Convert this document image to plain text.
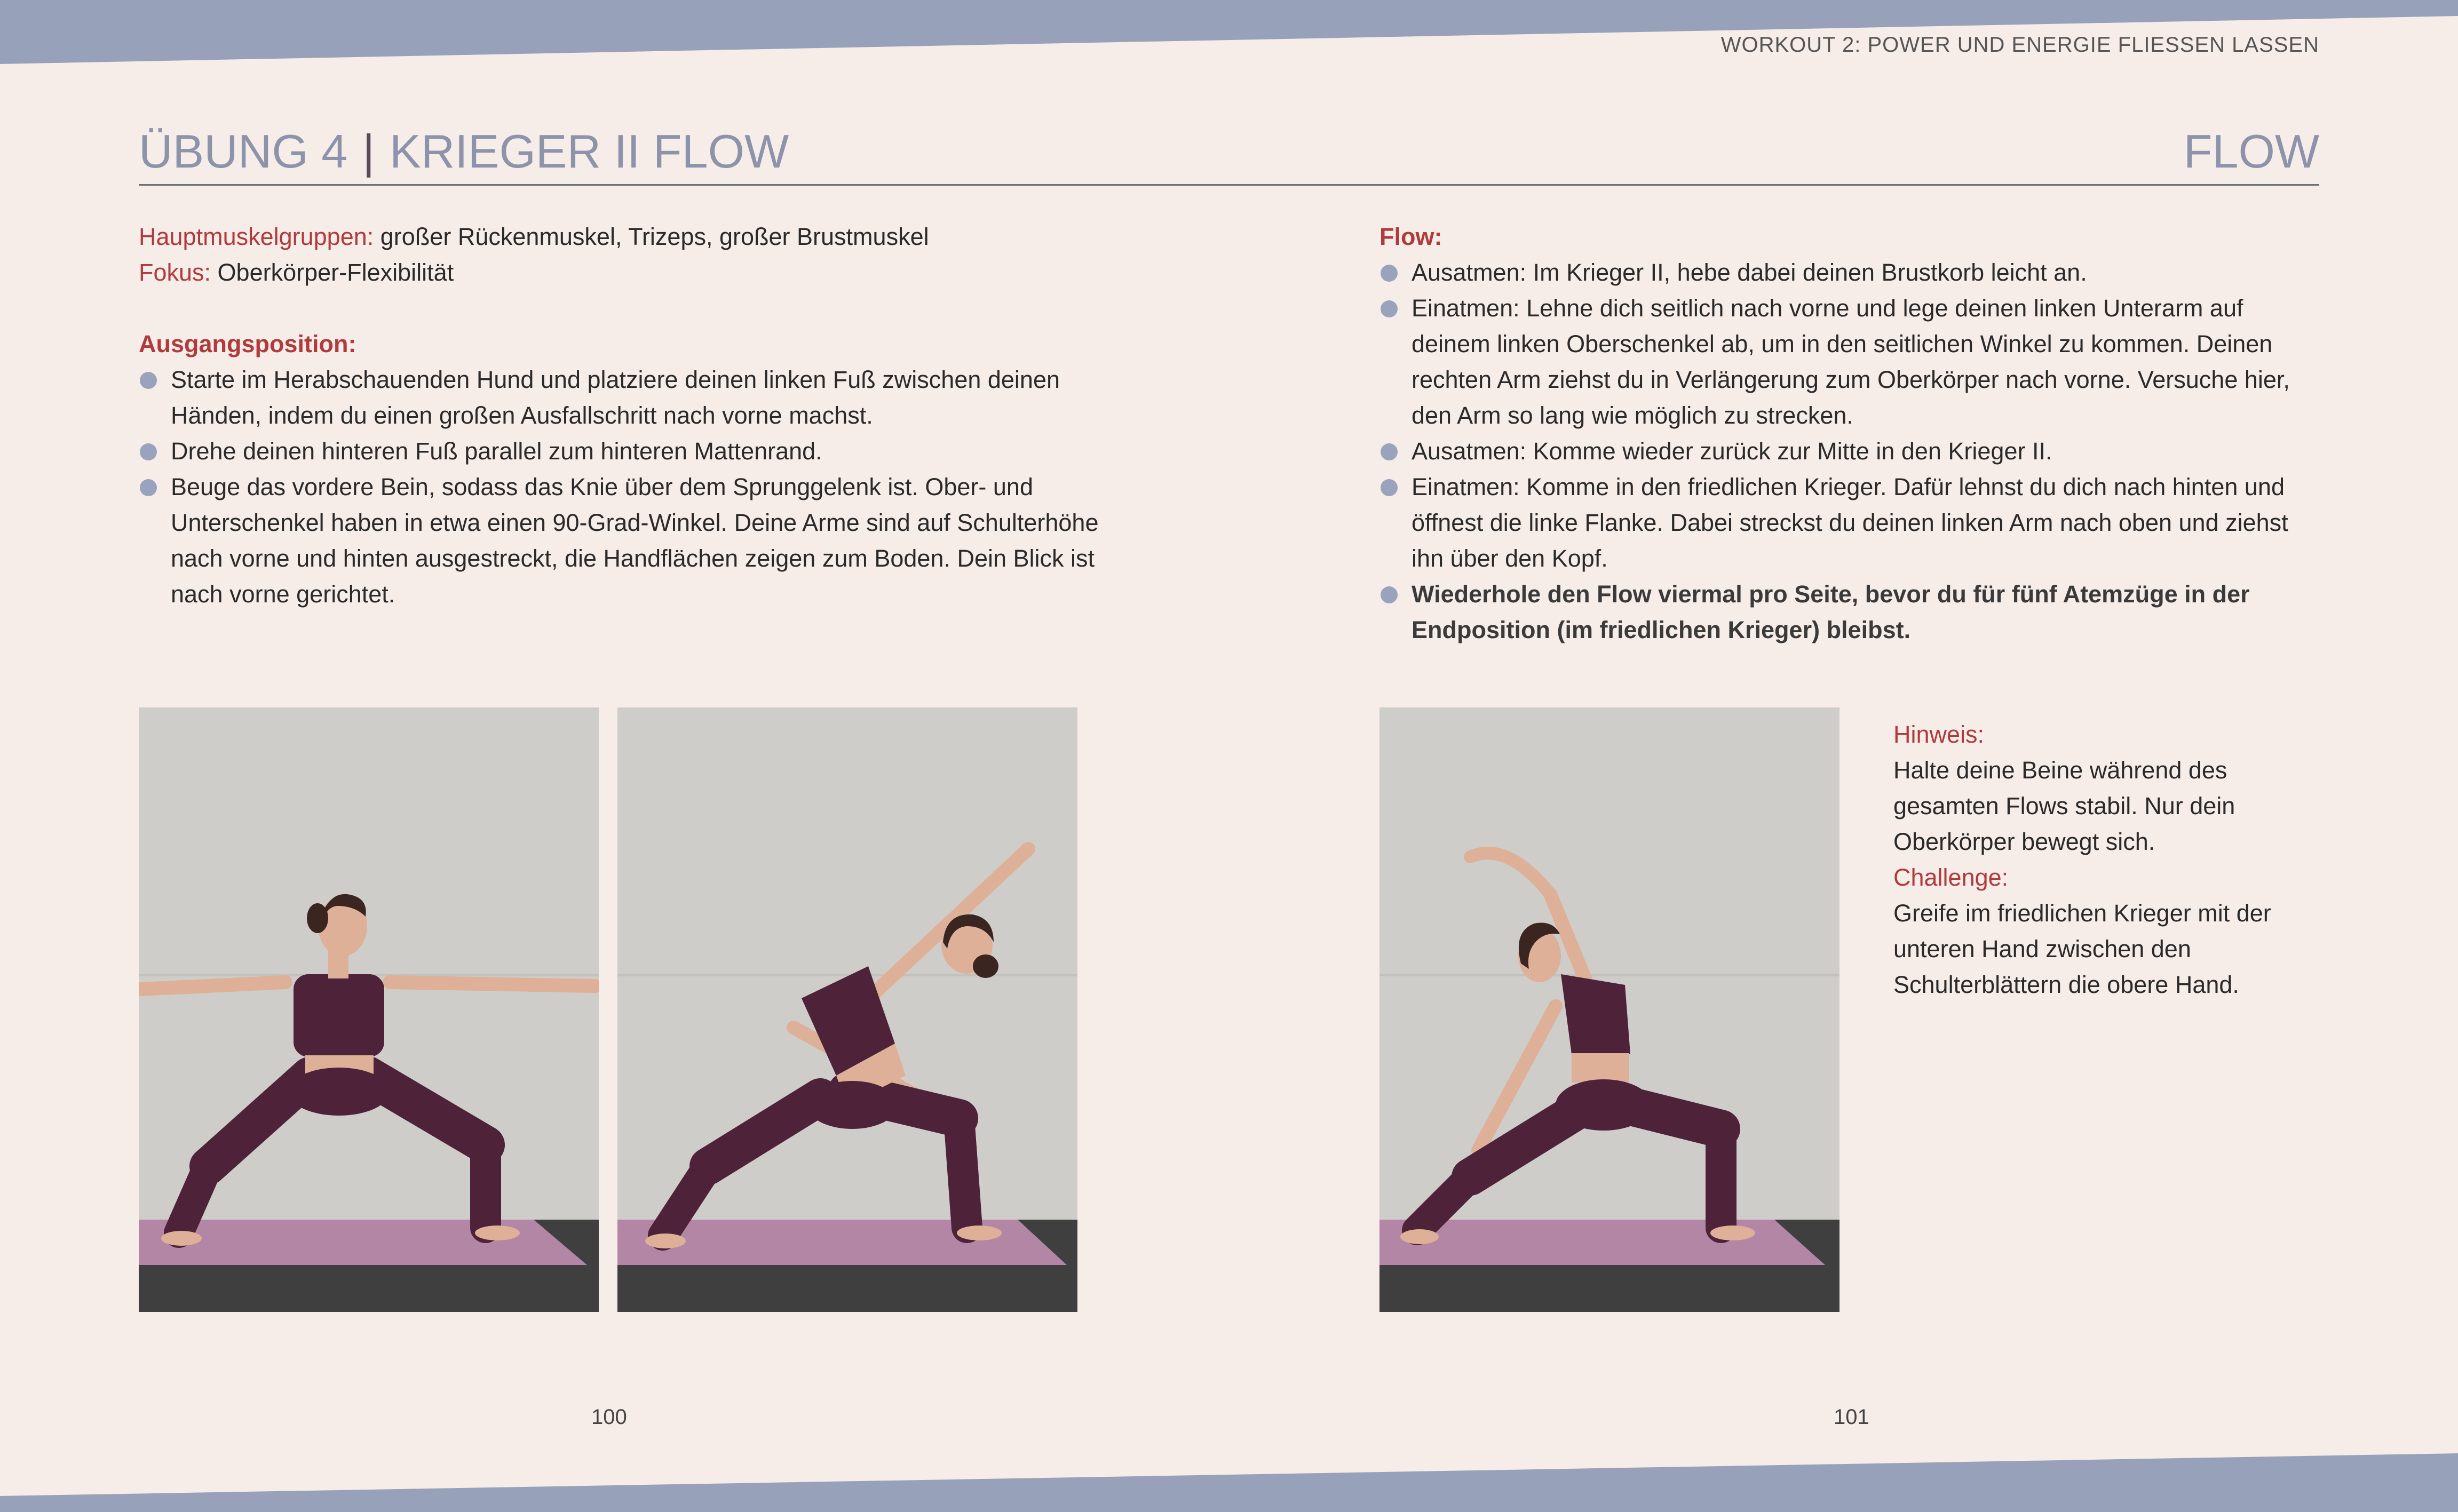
WORKOUT 2: POWER UND ENERGIE FLIESSEN LASSEN
ÜBUNG 4 | KRIEGER II FLOW	FLOW
Hauptmuskelgruppen: großer Rückenmuskel, Trizeps, großer Brustmuskel
Fokus: Oberkörper-Flexibilität
Ausgangsposition:
Starte im Herabschauenden Hund und platziere deinen linken Fuß zwischen deinen Händen, indem du einen großen Ausfallschritt nach vorne machst.
Drehe deinen hinteren Fuß parallel zum hinteren Mattenrand.
Beuge das vordere Bein, sodass das Knie über dem Sprunggelenk ist. Ober- und Unterschenkel haben in etwa einen 90-Grad-Winkel. Deine Arme sind auf Schulterhöhe nach vorne und hinten ausgestreckt, die Handflächen zeigen zum Boden. Dein Blick ist nach vorne gerichtet.
Flow:
Ausatmen: Im Krieger II, hebe dabei deinen Brustkorb leicht an.
Einatmen: Lehne dich seitlich nach vorne und lege deinen linken Unterarm auf deinem linken Oberschenkel ab, um in den seitlichen Winkel zu kommen. Deinen rechten Arm ziehst du in Verlängerung zum Oberkörper nach vorne. Versuche hier, den Arm so lang wie möglich zu strecken.
Ausatmen: Komme wieder zurück zur Mitte in den Krieger II.
Einatmen: Komme in den friedlichen Krieger. Dafür lehnst du dich nach hinten und öffnest die linke Flanke. Dabei streckst du deinen linken Arm nach oben und ziehst ihn über den Kopf.
Wiederhole den Flow viermal pro Seite, bevor du für fünf Atemzüge in der Endposition (im friedlichen Krieger) bleibst.
Hinweis:
Halte deine Beine während des gesamten Flows stabil. Nur dein Oberkörper bewegt sich.
Challenge:
Greife im friedlichen Krieger mit der unteren Hand zwischen den Schulterblättern die obere Hand.
100	101
